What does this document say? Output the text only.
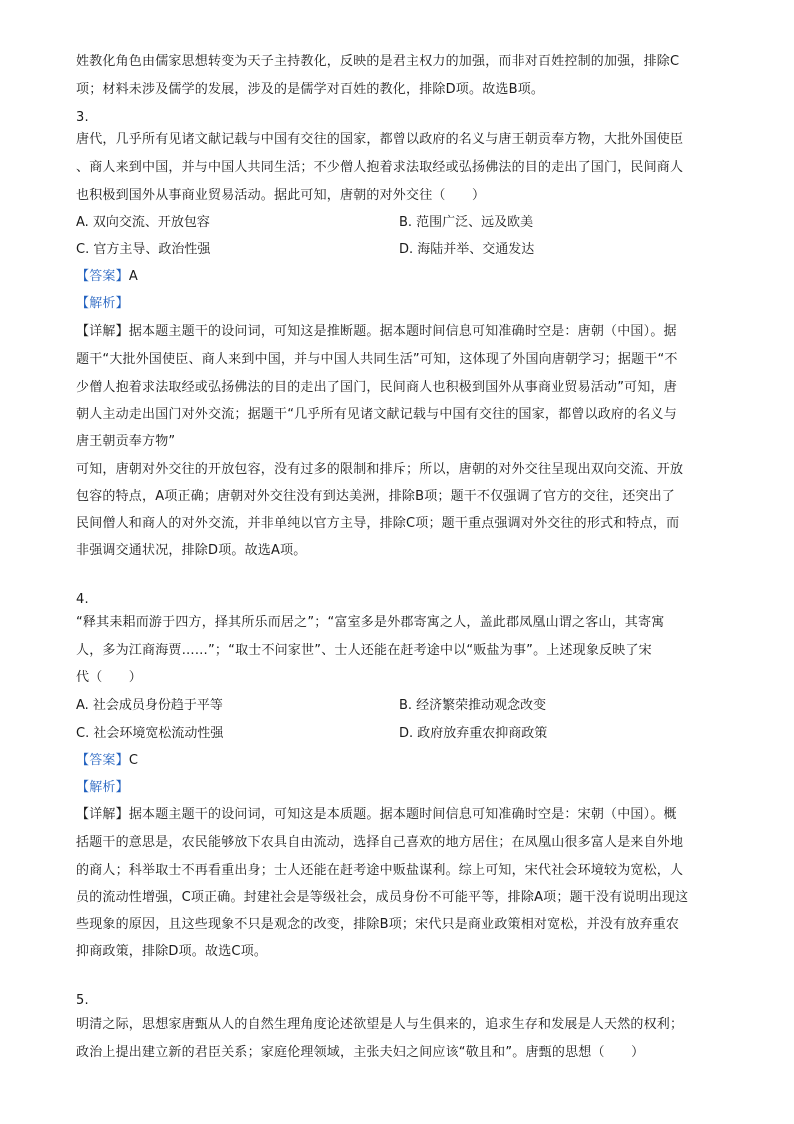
姓教化角色由儒家思想转变为天子主持教化，反映的是君主权力的加强，而非对百姓控制的加强，排除C
项；材料未涉及儒学的发展，涉及的是儒学对百姓的教化，排除D项。故选B项。
3.
唐代，几乎所有见诸文献记载与中国有交往的国家，都曾以政府的名义与唐王朝贡奉方物，大批外国使臣
、商人来到中国，并与中国人共同生活；不少僧人抱着求法取经或弘扬佛法的目的走出了国门，民间商人
也积极到国外从事商业贸易活动。据此可知，唐朝的对外交往（　　）
A. 双向交流、开放包容	B. 范围广泛、远及欧美
C. 官方主导、政治性强	D. 海陆并举、交通发达
【答案】A
【解析】
【详解】据本题主题干的设问词，可知这是推断题。据本题时间信息可知准确时空是：唐朝（中国）。据
题干“大批外国使臣、商人来到中国，并与中国人共同生活”可知，这体现了外国向唐朝学习；据题干“不
少僧人抱着求法取经或弘扬佛法的目的走出了国门，民间商人也积极到国外从事商业贸易活动”可知，唐
朝人主动走出国门对外交流；据题干“几乎所有见诸文献记载与中国有交往的国家，都曾以政府的名义与
唐王朝贡奉方物”
可知，唐朝对外交往的开放包容，没有过多的限制和排斥；所以，唐朝的对外交往呈现出双向交流、开放
包容的特点，A项正确；唐朝对外交往没有到达美洲，排除B项；题干不仅强调了官方的交往，还突出了
民间僧人和商人的对外交流，并非单纯以官方主导，排除C项；题干重点强调对外交往的形式和特点，而
非强调交通状况，排除D项。故选A项。
4.
“释其耒耜而游于四方，择其所乐而居之”；“富室多是外郡寄寓之人，盖此郡凤凰山谓之客山，其寄寓
人，多为江商海贾……”；“取士不问家世”、士人还能在赶考途中以“贩盐为事”。上述现象反映了宋
代（　　）
A. 社会成员身份趋于平等	B. 经济繁荣推动观念改变
C. 社会环境宽松流动性强	D. 政府放弃重农抑商政策
【答案】C
【解析】
【详解】据本题主题干的设问词，可知这是本质题。据本题时间信息可知准确时空是：宋朝（中国）。概
括题干的意思是，农民能够放下农具自由流动，选择自己喜欢的地方居住；在凤凰山很多富人是来自外地
的商人；科举取士不再看重出身；士人还能在赶考途中贩盐谋利。综上可知，宋代社会环境较为宽松，人
员的流动性增强，C项正确。封建社会是等级社会，成员身份不可能平等，排除A项；题干没有说明出现这
些现象的原因，且这些现象不只是观念的改变，排除B项；宋代只是商业政策相对宽松，并没有放弃重农
抑商政策，排除D项。故选C项。
5.
明清之际，思想家唐甄从人的自然生理角度论述欲望是人与生俱来的，追求生存和发展是人天然的权利；
政治上提出建立新的君臣关系；家庭伦理领域，主张夫妇之间应该“敬且和”。唐甄的思想（　　）
